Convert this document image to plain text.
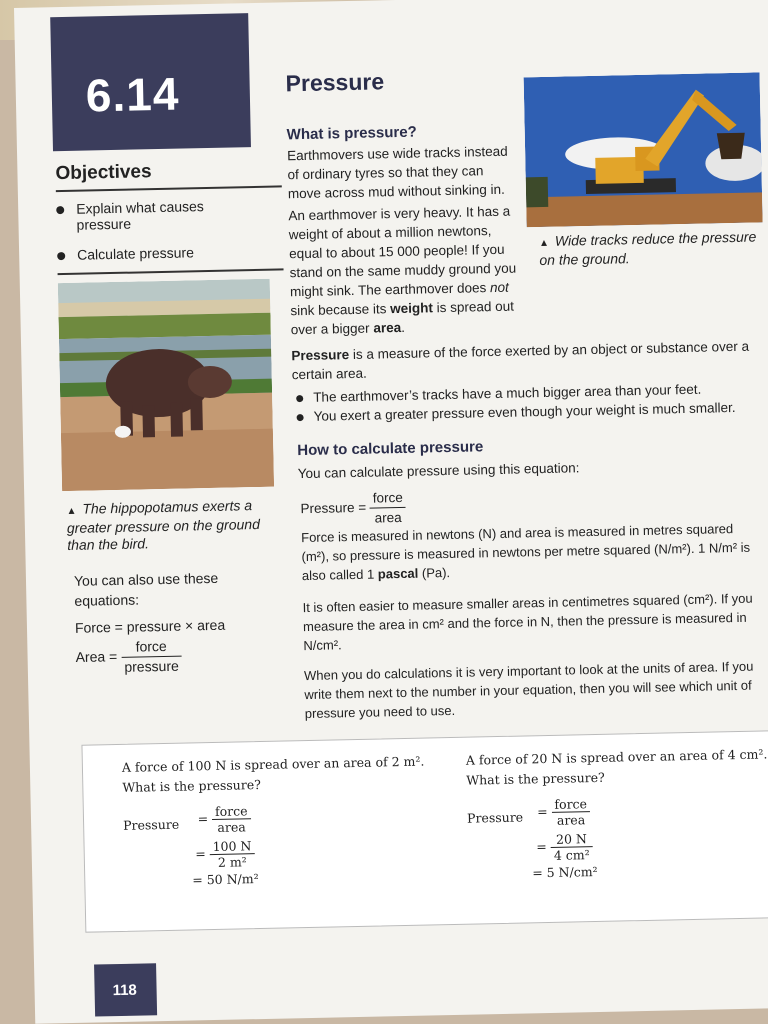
6.14
Objectives
Explain what causes pressure
Calculate pressure
▲ The hippopotamus exerts a greater pressure on the ground than the bird.
You can also use these equations:
Force = pressure × area
Area = $\frac{\text{force}}{\text{pressure}}$
▲ Wide tracks reduce the pressure on the ground.
Pressure
What is pressure?
Earthmovers use wide tracks instead of ordinary tyres so that they can move across mud without sinking in.
An earthmover is very heavy. It has a weight of about a million newtons, equal to about 15 000 people! If you stand on the same muddy ground you might sink. The earthmover does not sink because its weight is spread out over a bigger area.
Pressure is a measure of the force exerted by an object or substance over a certain area.
The earthmover’s tracks have a much bigger area than your feet.
You exert a greater pressure even though your weight is much smaller.
How to calculate pressure
You can calculate pressure using this equation:
Pressure = $\frac{\text{force}}{\text{area}}$
Force is measured in newtons (N) and area is measured in metres squared (m²), so pressure is measured in newtons per metre squared (N/m²). 1 N/m² is also called 1 pascal (Pa).
It is often easier to measure smaller areas in centimetres squared (cm²). If you measure the area in cm² and the force in N, then the pressure is measured in N/cm².
When you do calculations it is very important to look at the units of area. If you write them next to the number in your equation, then you will see which unit of pressure you need to use.
A force of 100 N is spread over an area of 2 m².
What is the pressure?
Pressure	= $\frac{\text{force}}{\text{area}}$
= $\frac{100 N}{\text{2 m²}}$
= 50 N/m²
A force of 20 N is spread over an area of 4 cm².
What is the pressure?
Pressure	= $\frac{\text{force}}{\text{area}}$
= $\frac{20 N}{\text{4 cm²}}$
= 5 N/cm²
118
